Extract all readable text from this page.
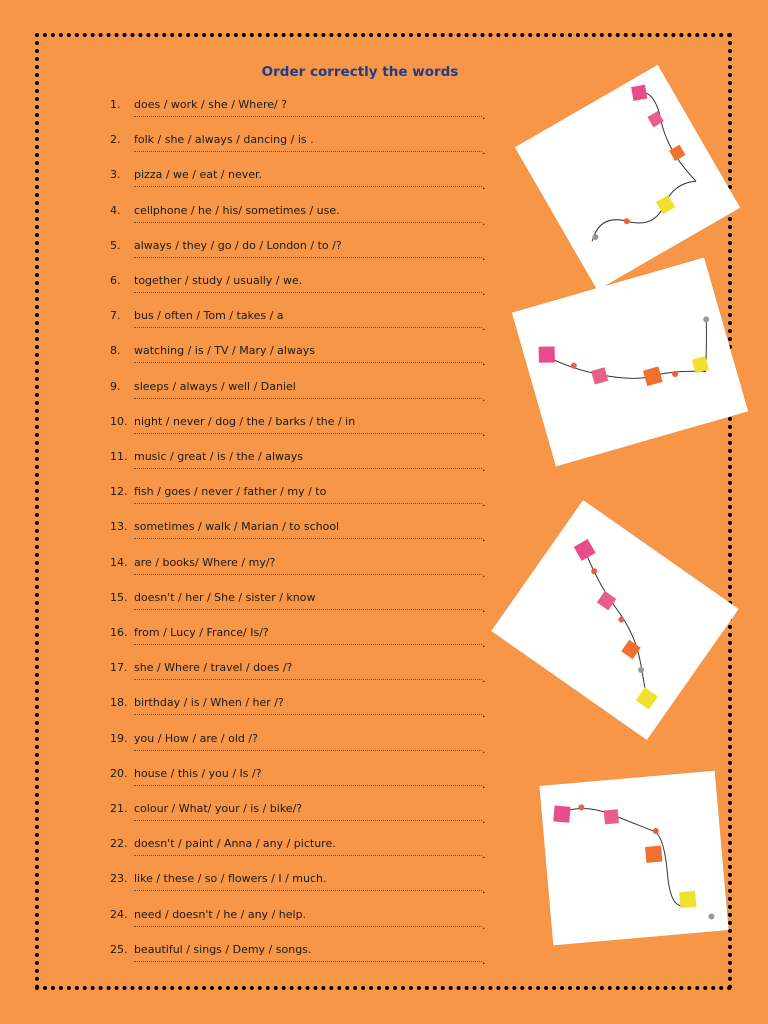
Order correctly the words
1. does / work / she / Where/ ?
.
2. folk / she / always / dancing / is .
.
3. pizza / we / eat / never.
.
4. cellphone / he / his/ sometimes / use.
.
5. always / they / go / do / London / to /?
.
6. together / study / usually / we.
.
7. bus / often / Tom / takes / a
.
8. watching / is / TV / Mary / always
.
9. sleeps / always / well / Daniel
.
10. night / never / dog / the / barks / the / in
.
11. music / great / is / the / always
.
12. fish / goes / never / father / my / to
.
13. sometimes / walk / Marian / to school
.
14. are / books/ Where / my/?
.
15. doesn't / her / She / sister / know
.
16. from / Lucy / France/ Is/?
.
17. she / Where / travel / does /?
.
18. birthday / is / When / her /?
.
19. you / How / are / old /?
.
20. house / this / you / Is /?
.
21. colour / What/ your / is / bike/?
.
22. doesn't / paint / Anna / any / picture.
.
23. like / these / so / flowers / I / much.
.
24. need / doesn't / he / any / help.
.
25. beautiful / sings / Demy / songs.
.
